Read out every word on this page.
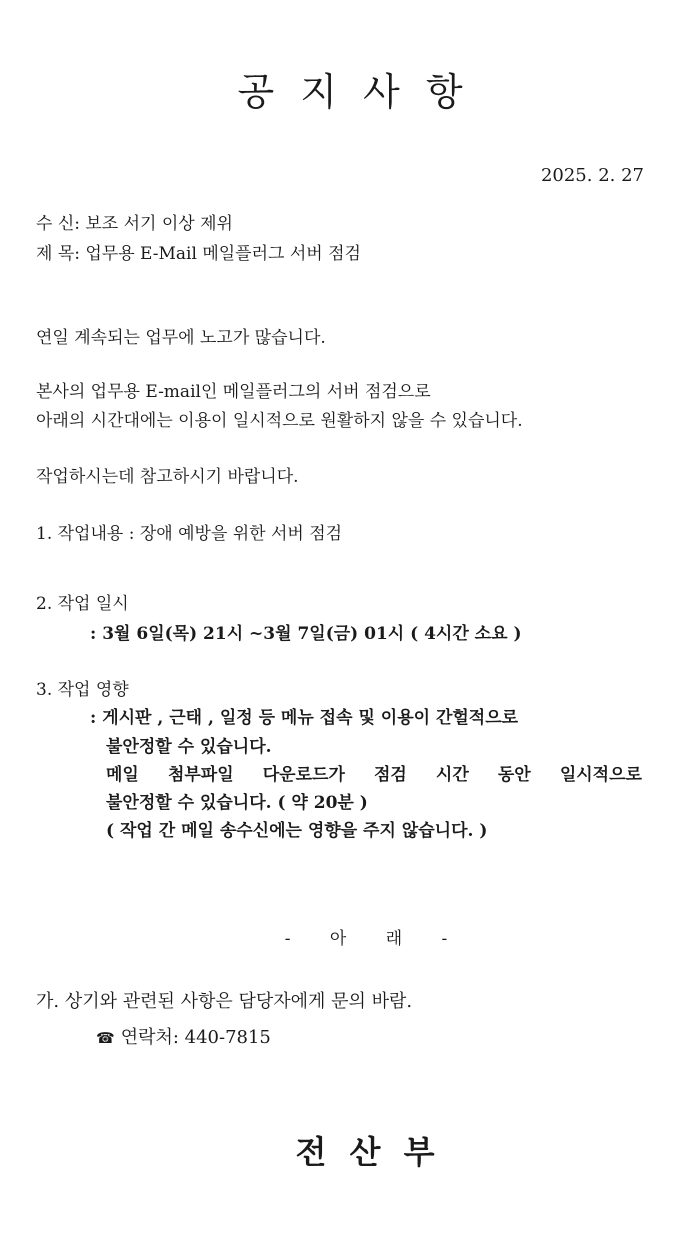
공 지 사 항
2025. 2. 27
수 신: 보조 서기 이상 제위
제 목: 업무용 E-Mail 메일플러그 서버 점검
연일 계속되는 업무에 노고가 많습니다.
본사의 업무용 E-mail인 메일플러그의 서버 점검으로
아래의 시간대에는 이용이 일시적으로 원활하지 않을 수 있습니다.
작업하시는데 참고하시기 바랍니다.
1. 작업내용 : 장애 예방을 위한 서버 점검
2. 작업 일시
: 3월 6일(목) 21시 ~3월 7일(금) 01시 ( 4시간 소요 )
3. 작업 영향
: 게시판 , 근태 , 일정 등 메뉴 접속 및 이용이 간헐적으로
불안정할 수 있습니다.
메일 첨부파일 다운로드가 점검 시간 동안 일시적으로
불안정할 수 있습니다. ( 약 20분 )
( 작업 간 메일 송수신에는 영향을 주지 않습니다. )
- 아 래 -
가. 상기와 관련된 사항은 담당자에게 문의 바람.
☎ 연락처: 440-7815
전 산 부
